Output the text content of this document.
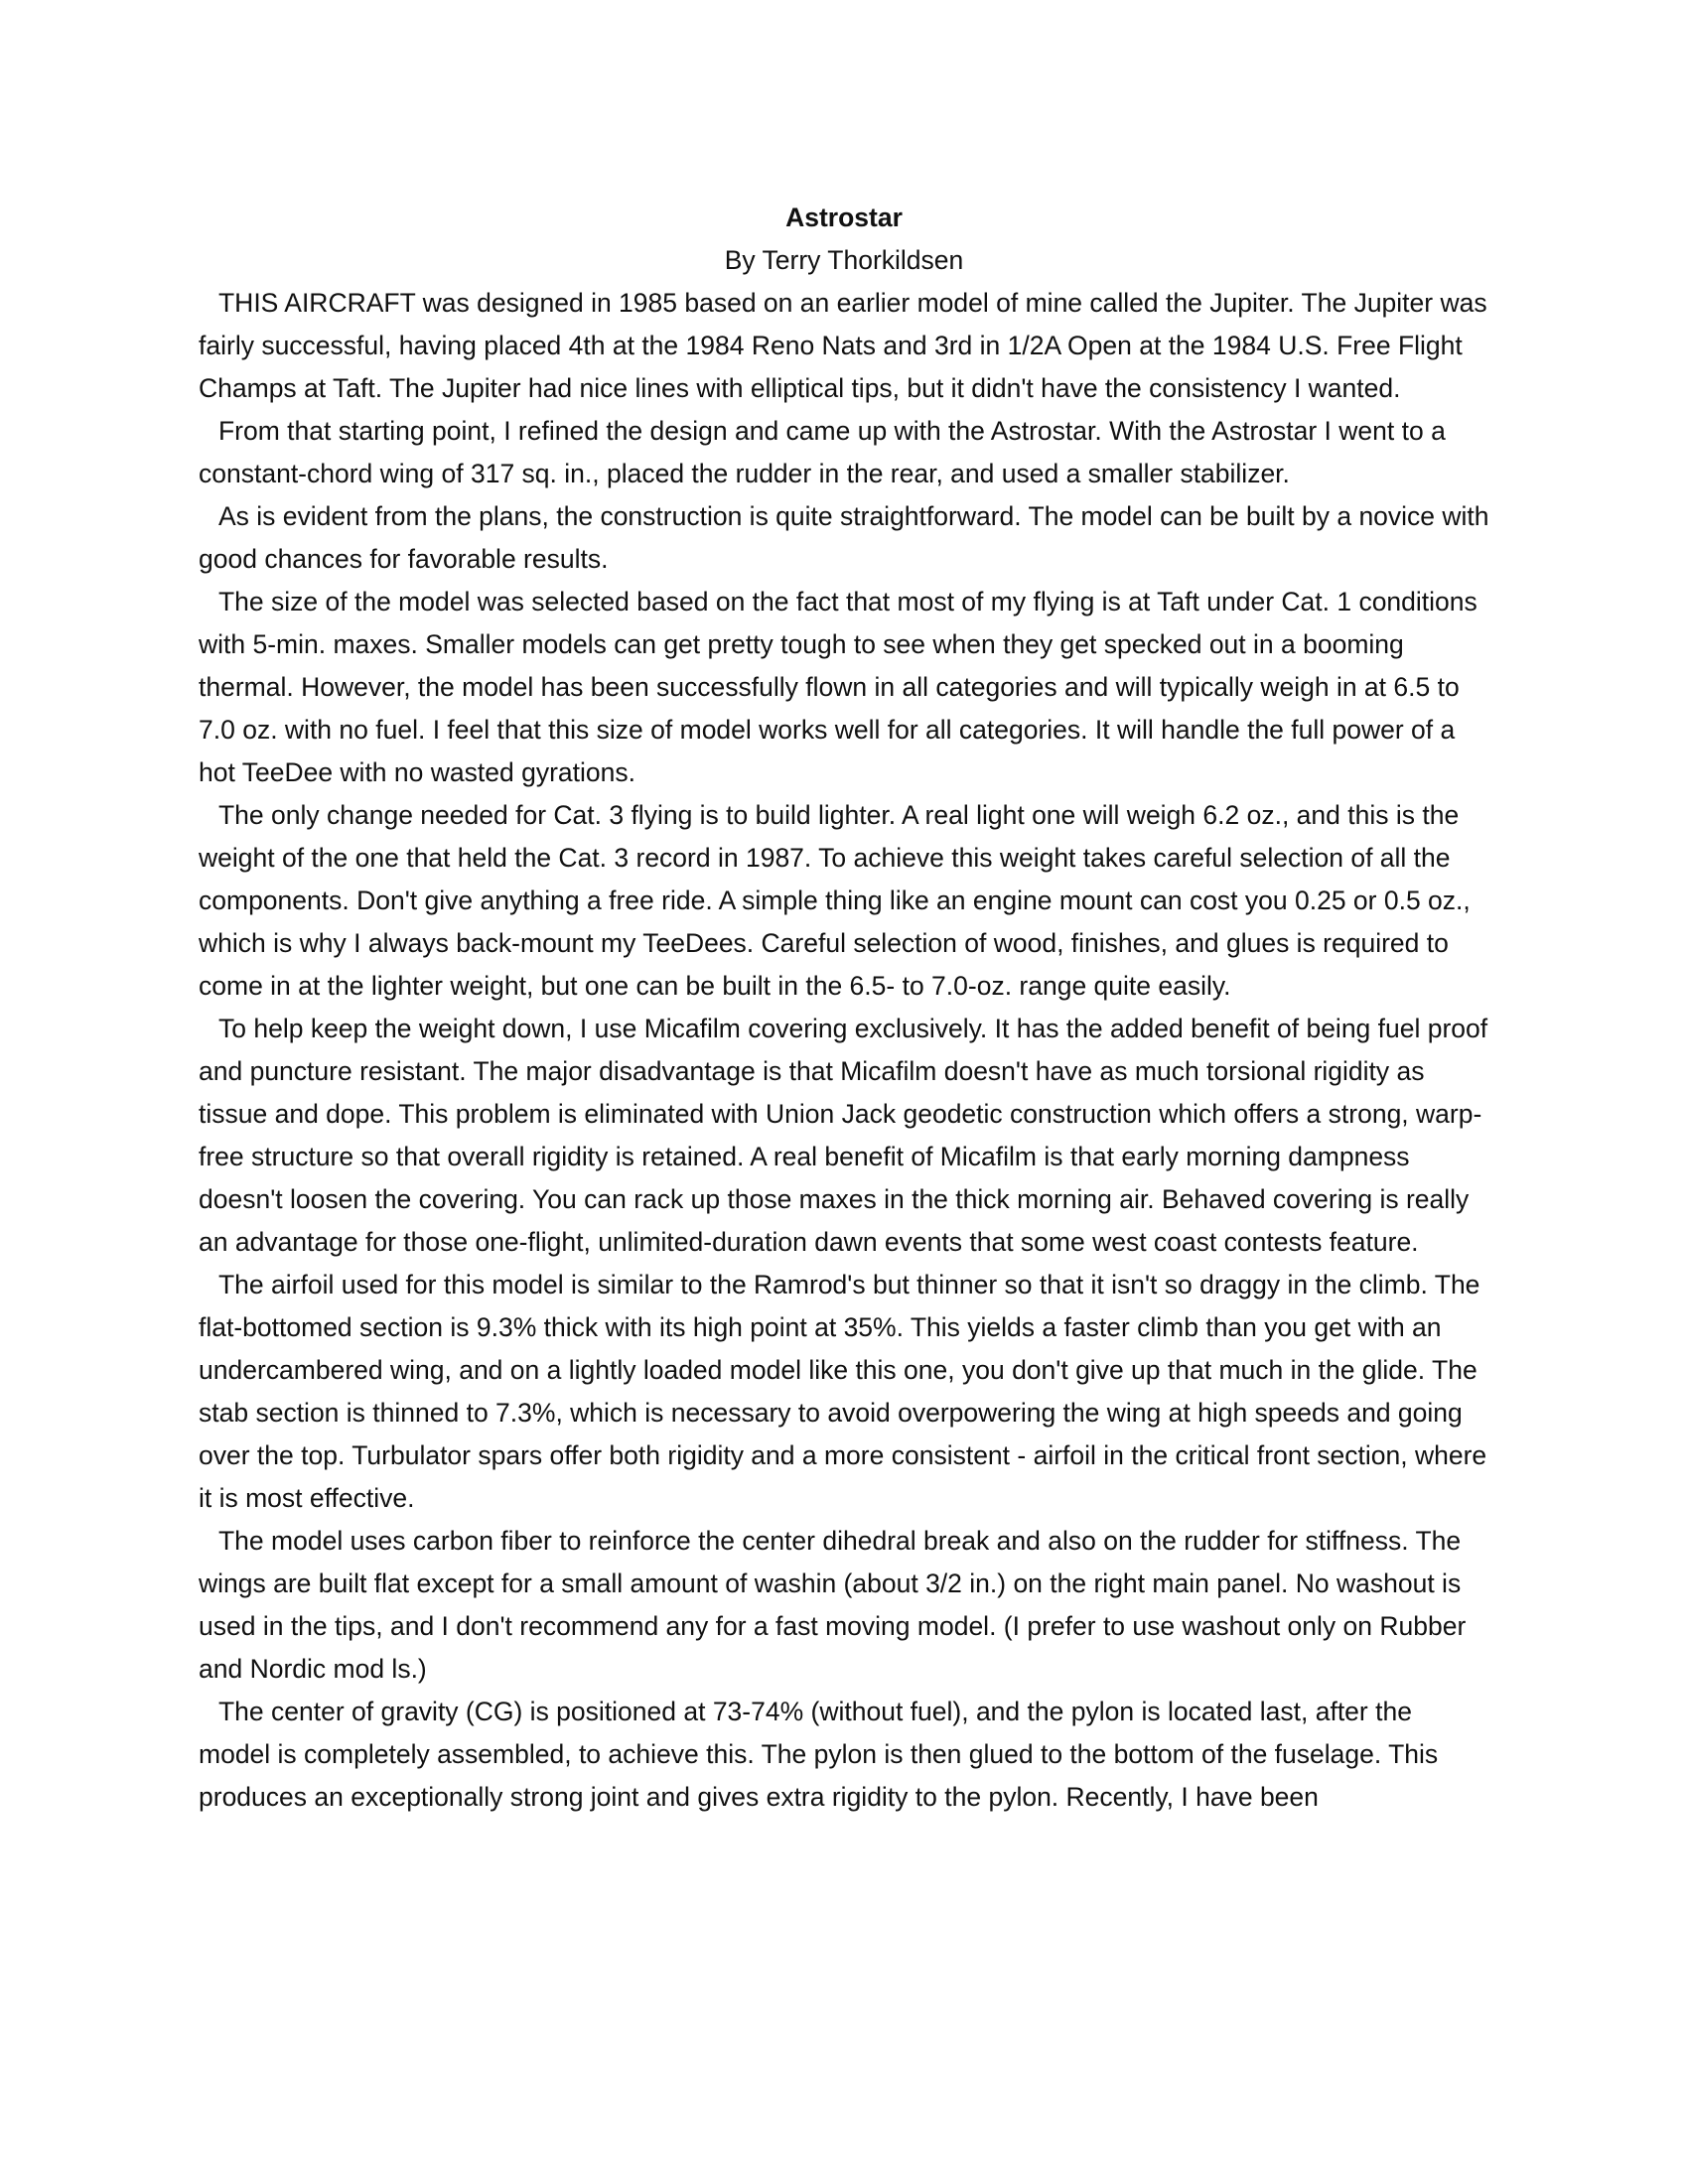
Astrostar

By Terry Thorkildsen

THIS AIRCRAFT was designed in 1985 based on an earlier model of mine called the Jupiter. The Jupiter was fairly successful, having placed 4th at the 1984 Reno Nats and 3rd in 1/2A Open at the 1984 U.S. Free Flight Champs at Taft. The Jupiter had nice lines with elliptical tips, but it didn't have the consistency I wanted.

From that starting point, I refined the design and came up with the Astrostar. With the Astrostar I went to a constant-chord wing of 317 sq. in., placed the rudder in the rear, and used a smaller stabilizer.

As is evident from the plans, the construction is quite straightforward. The model can be built by a novice with good chances for favorable results.

The size of the model was selected based on the fact that most of my flying is at Taft under Cat. 1 conditions with 5-min. maxes. Smaller models can get pretty tough to see when they get specked out in a booming thermal. However, the model has been successfully flown in all categories and will typically weigh in at 6.5 to 7.0 oz. with no fuel. I feel that this size of model works well for all categories. It will handle the full power of a hot TeeDee with no wasted gyrations.

The only change needed for Cat. 3 flying is to build lighter. A real light one will weigh 6.2 oz., and this is the weight of the one that held the Cat. 3 record in 1987. To achieve this weight takes careful selection of all the components. Don't give anything a free ride. A simple thing like an engine mount can cost you 0.25 or 0.5 oz., which is why I always back-mount my TeeDees. Careful selection of wood, finishes, and glues is required to come in at the lighter weight, but one can be built in the 6.5- to 7.0-oz. range quite easily.

To help keep the weight down, I use Micafilm covering exclusively. It has the added benefit of being fuel proof and puncture resistant. The major disadvantage is that Micafilm doesn't have as much torsional rigidity as tissue and dope. This problem is eliminated with Union Jack geodetic construction which offers a strong, warp-free structure so that overall rigidity is retained. A real benefit of Micafilm is that early morning dampness doesn't loosen the covering. You can rack up those maxes in the thick morning air. Behaved covering is really an advantage for those one-flight, unlimited-duration dawn events that some west coast contests feature.

The airfoil used for this model is similar to the Ramrod's but thinner so that it isn't so draggy in the climb. The flat-bottomed section is 9.3% thick with its high point at 35%. This yields a faster climb than you get with an undercambered wing, and on a lightly loaded model like this one, you don't give up that much in the glide. The stab section is thinned to 7.3%, which is necessary to avoid overpowering the wing at high speeds and going over the top. Turbulator spars offer both rigidity and a more consistent - airfoil in the critical front section, where it is most effective.

The model uses carbon fiber to reinforce the center dihedral break and also on the rudder for stiffness. The wings are built flat except for a small amount of washin (about 3/2 in.) on the right main panel. No washout is used in the tips, and I don't recommend any for a fast moving model. (I prefer to use washout only on Rubber and Nordic mod ls.)

The center of gravity (CG) is positioned at 73-74% (without fuel), and the pylon is located last, after the model is completely assembled, to achieve this. The pylon is then glued to the bottom of the fuselage. This produces an exceptionally strong joint and gives extra rigidity to the pylon. Recently, I have been
